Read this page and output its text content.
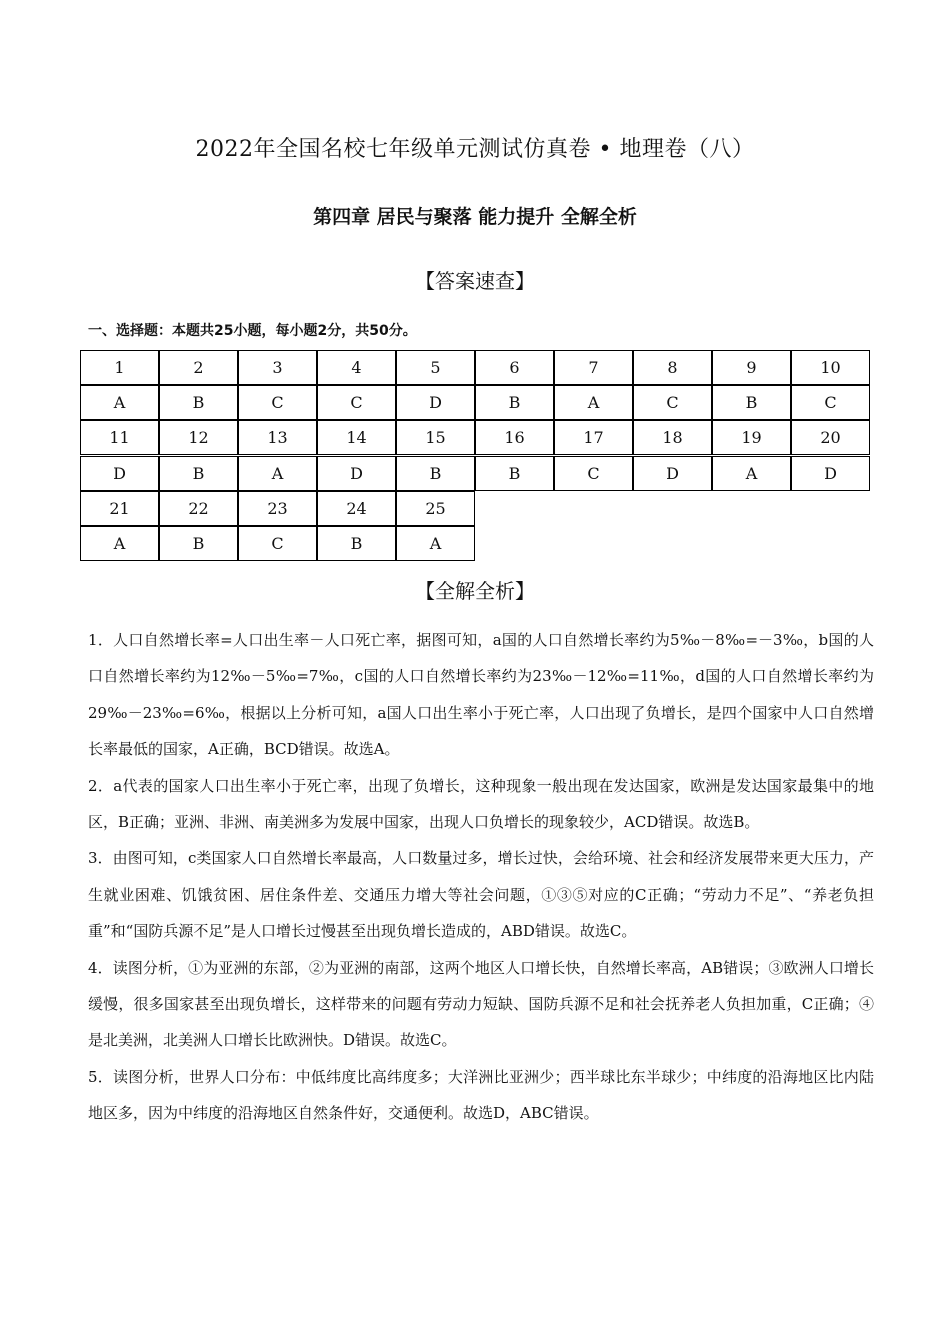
2022年全国名校七年级单元测试仿真卷 • 地理卷（八）
第四章 居民与聚落 能力提升 全解全析
【答案速查】
一、选择题：本题共25小题，每小题2分，共50分。
1	2	3	4	5	6	7	8	9	10
A	B	C	C	D	B	A	C	B	C
11	12	13	14	15	16	17	18	19	20
D	B	A	D	B	B	C	D	A	D
21	22	23	24	25
A	B	C	B	A
【全解全析】

1．人口自然增长率=人口出生率－人口死亡率，据图可知，a国的人口自然增长率约为5‰－8‰=－3‰，b国的人口自然增长率约为12‰－5‰=7‰，c国的人口自然增长率约为23‰－12‰=11‰，d国的人口自然增长率约为29‰－23‰=6‰，根据以上分析可知，a国人口出生率小于死亡率，人口出现了负增长，是四个国家中人口自然增长率最低的国家，A正确，BCD错误。故选A。

2．a代表的国家人口出生率小于死亡率，出现了负增长，这种现象一般出现在发达国家，欧洲是发达国家最集中的地区，B正确；亚洲、非洲、南美洲多为发展中国家，出现人口负增长的现象较少，ACD错误。故选B。

3．由图可知，c类国家人口自然增长率最高，人口数量过多，增长过快，会给环境、社会和经济发展带来更大压力，产生就业困难、饥饿贫困、居住条件差、交通压力增大等社会问题，①③⑤对应的C正确；“劳动力不足”、“养老负担重”和“国防兵源不足”是人口增长过慢甚至出现负增长造成的，ABD错误。故选C。

4．读图分析，①为亚洲的东部，②为亚洲的南部，这两个地区人口增长快，自然增长率高，AB错误；③欧洲人口增长缓慢，很多国家甚至出现负增长，这样带来的问题有劳动力短缺、国防兵源不足和社会抚养老人负担加重，C正确；④是北美洲，北美洲人口增长比欧洲快。D错误。故选C。

5．读图分析，世界人口分布：中低纬度比高纬度多；大洋洲比亚洲少；西半球比东半球少；中纬度的沿海地区比内陆地区多，因为中纬度的沿海地区自然条件好，交通便利。故选D，ABC错误。
